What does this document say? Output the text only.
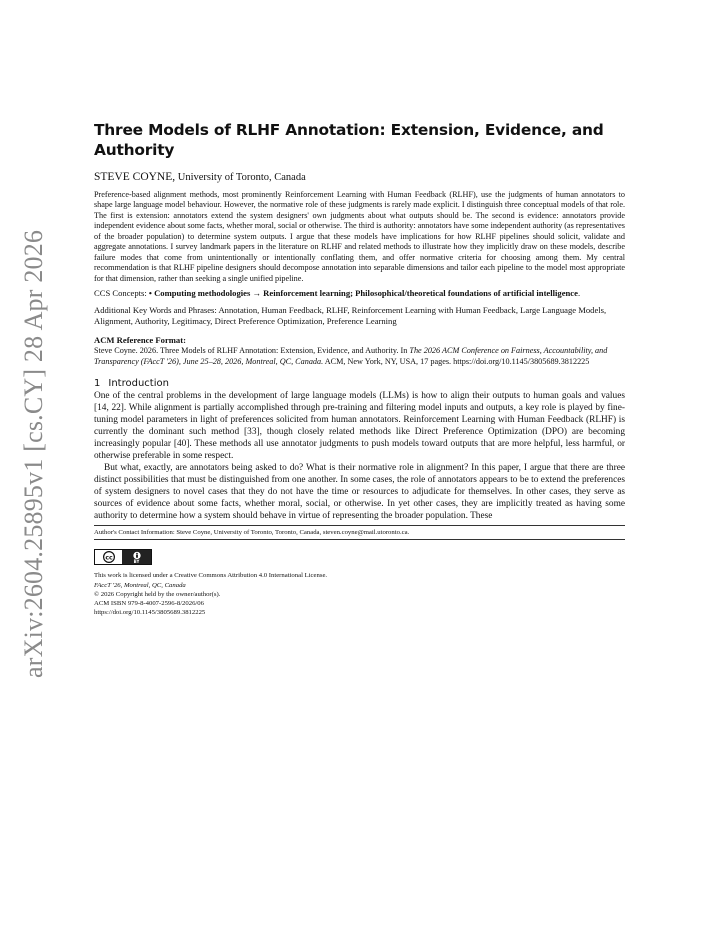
arXiv:2604.25895v1 [cs.CY] 28 Apr 2026
Three Models of RLHF Annotation: Extension, Evidence, and Authority
STEVE COYNE, University of Toronto, Canada
Preference-based alignment methods, most prominently Reinforcement Learning with Human Feedback (RLHF), use the judgments of human annotators to shape large language model behaviour. However, the normative role of these judgments is rarely made explicit. I distinguish three conceptual models of that role. The first is extension: annotators extend the system designers' own judgments about what outputs should be. The second is evidence: annotators provide independent evidence about some facts, whether moral, social or otherwise. The third is authority: annotators have some independent authority (as representatives of the broader population) to determine system outputs. I argue that these models have implications for how RLHF pipelines should solicit, validate and aggregate annotations. I survey landmark papers in the literature on RLHF and related methods to illustrate how they implicitly draw on these models, describe failure modes that come from unintentionally or intentionally conflating them, and offer normative criteria for choosing among them. My central recommendation is that RLHF pipeline designers should decompose annotation into separable dimensions and tailor each pipeline to the model most appropriate for that dimension, rather than seeking a single unified pipeline.
CCS Concepts: • Computing methodologies → Reinforcement learning; Philosophical/theoretical foundations of artificial intelligence.
Additional Key Words and Phrases: Annotation, Human Feedback, RLHF, Reinforcement Learning with Human Feedback, Large Language Models, Alignment, Authority, Legitimacy, Direct Preference Optimization, Preference Learning
ACM Reference Format:
Steve Coyne. 2026. Three Models of RLHF Annotation: Extension, Evidence, and Authority. In The 2026 ACM Conference on Fairness, Accountability, and Transparency (FAccT '26), June 25–28, 2026, Montreal, QC, Canada. ACM, New York, NY, USA, 17 pages. https://doi.org/10.1145/3805689.3812225
1 Introduction

One of the central problems in the development of large language models (LLMs) is how to align their outputs to human goals and values [14, 22]. While alignment is partially accomplished through pre-training and filtering model inputs and outputs, a key role is played by fine-tuning model parameters in light of preferences solicited from human annotators. Reinforcement Learning with Human Feedback (RLHF) is currently the dominant such method [33], though closely related methods like Direct Preference Optimization (DPO) are becoming increasingly popular [40]. These methods all use annotator judgments to push models toward outputs that are more helpful, less harmful, or otherwise preferable in some respect.

But what, exactly, are annotators being asked to do? What is their normative role in alignment? In this paper, I argue that there are three distinct possibilities that must be distinguished from one another. In some cases, the role of annotators appears to be to extend the preferences of system designers to novel cases that they do not have the time or resources to adjudicate for themselves. In other cases, they serve as sources of evidence about some facts, whether moral, social, or otherwise. In yet other cases, they are implicitly treated as having some authority to determine how a system should behave in virtue of representing the broader population. These

Author's Contact Information: Steve Coyne, University of Toronto, Toronto, Canada, steven.coyne@mail.utoronto.ca.
cc	BY
This work is licensed under a Creative Commons Attribution 4.0 International License.
FAccT '26, Montreal, QC, Canada
© 2026 Copyright held by the owner/author(s).
ACM ISBN 979-8-4007-2596-8/2026/06
https://doi.org/10.1145/3805689.3812225
